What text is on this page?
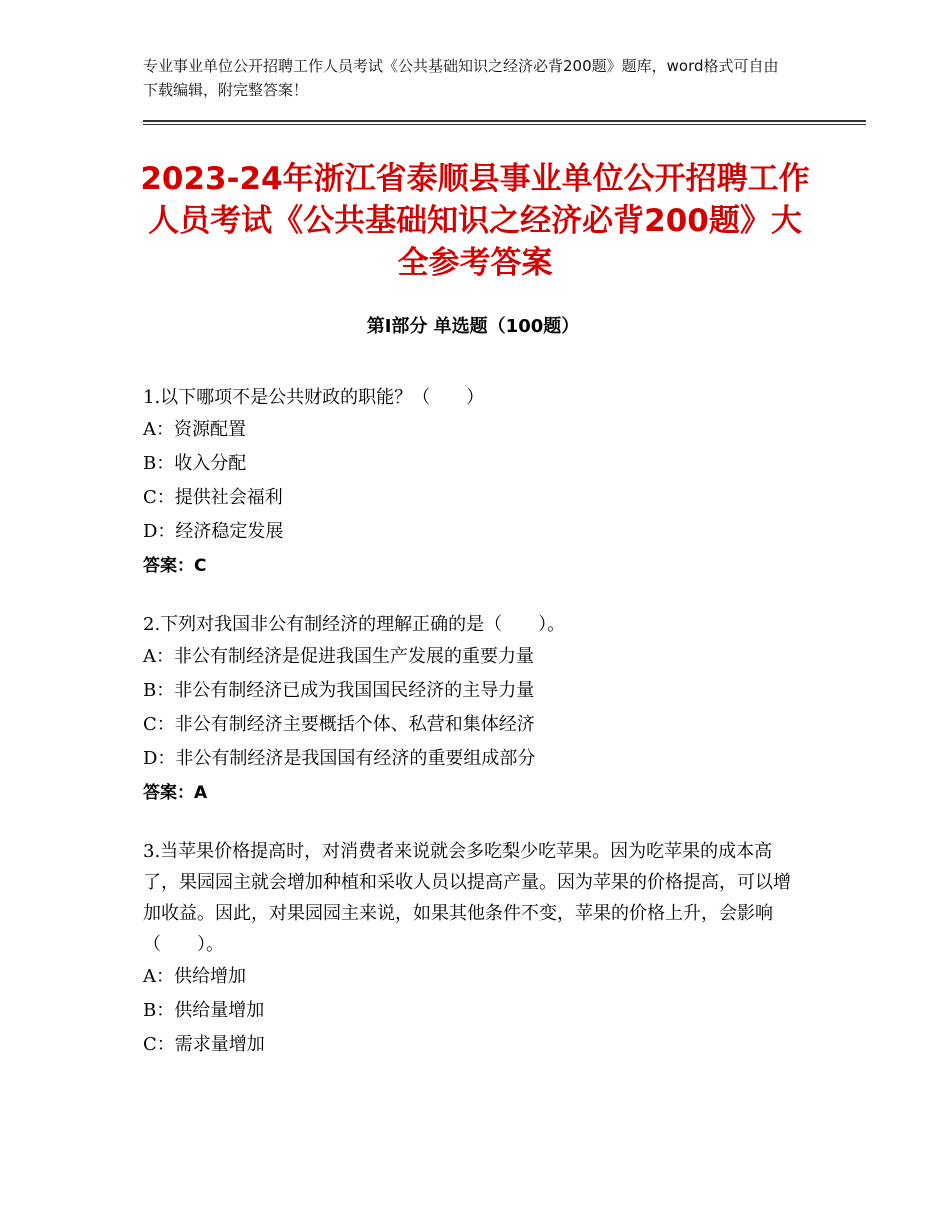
专业事业单位公开招聘工作人员考试《公共基础知识之经济必背200题》题库，word格式可自由下载编辑，附完整答案！
2023-24年浙江省泰顺县事业单位公开招聘工作人员考试《公共基础知识之经济必背200题》大全参考答案
第Ⅰ部分 单选题（100题）
1.以下哪项不是公共财政的职能？（　　）
A：资源配置
B：收入分配
C：提供社会福利
D：经济稳定发展
答案：C
2.下列对我国非公有制经济的理解正确的是（　　）。
A：非公有制经济是促进我国生产发展的重要力量
B：非公有制经济已成为我国国民经济的主导力量
C：非公有制经济主要概括个体、私营和集体经济
D：非公有制经济是我国国有经济的重要组成部分
答案：A
3.当苹果价格提高时，对消费者来说就会多吃梨少吃苹果。因为吃苹果的成本高了，果园园主就会增加种植和采收人员以提高产量。因为苹果的价格提高，可以增加收益。因此，对果园园主来说，如果其他条件不变，苹果的价格上升，会影响（　　）。
A：供给增加
B：供给量增加
C：需求量增加
